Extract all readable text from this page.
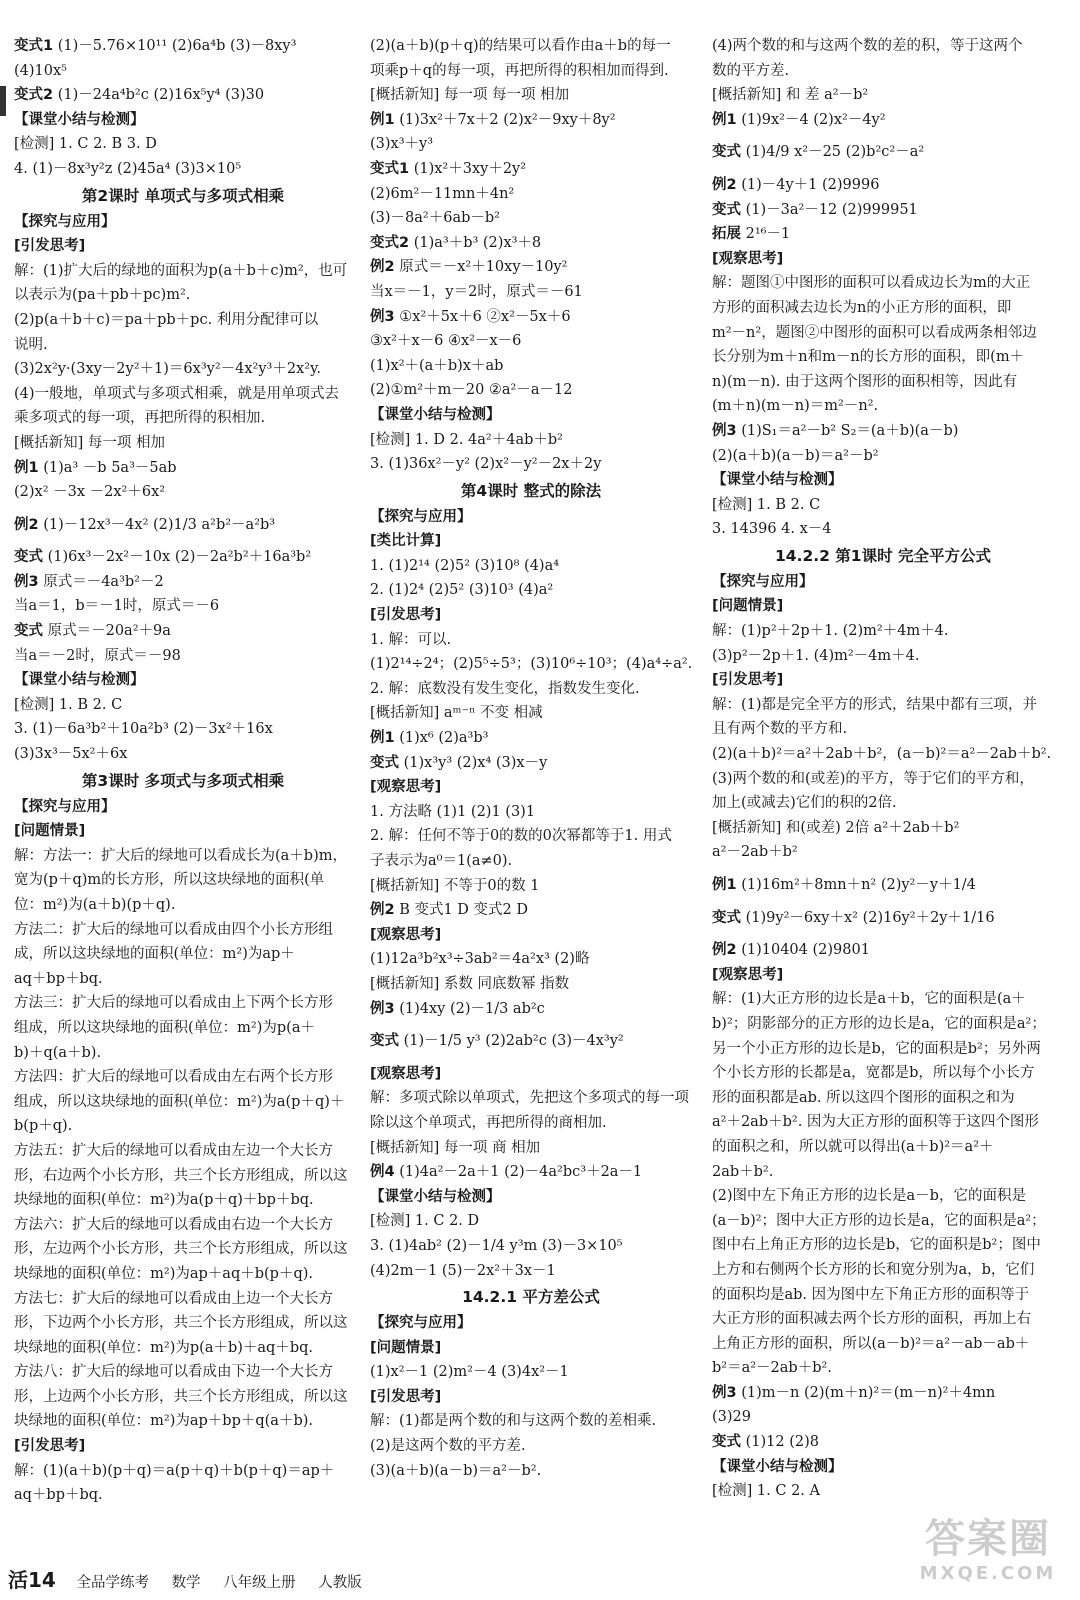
变式1 (1)－5.76×10¹¹ (2)6a⁴b (3)－8xy³
(4)10x⁵
变式2 (1)－24a⁴b²c (2)16x⁵y⁴ (3)30
【课堂小结与检测】
[检测] 1. C 2. B 3. D
4. (1)－8x³y²z (2)45a⁴ (3)3×10⁵
第2课时 单项式与多项式相乘
【探究与应用】
[引发思考]
解：(1)扩大后的绿地的面积为p(a＋b＋c)m²，也可
以表示为(pa＋pb＋pc)m².
(2)p(a＋b＋c)＝pa＋pb＋pc. 利用分配律可以
说明.
(3)2x²y·(3xy－2y²＋1)＝6x³y²－4x²y³＋2x²y.
(4)一般地，单项式与多项式相乘，就是用单项式去
乘多项式的每一项，再把所得的积相加.
[概括新知] 每一项 相加
例1 (1)a³ －b 5a³－5ab
(2)x² －3x －2x²＋6x²
例2 (1)－12x³－4x² (2)1/3 a²b²－a²b³
变式 (1)6x³－2x²－10x (2)－2a²b²＋16a³b²
例3 原式＝－4a³b²－2
当a＝1，b＝－1时，原式＝－6
变式 原式＝－20a²＋9a
当a＝－2时，原式＝－98
【课堂小结与检测】
[检测] 1. B 2. C
3. (1)－6a³b²＋10a²b³ (2)－3x²＋16x
(3)3x³－5x²＋6x
第3课时 多项式与多项式相乘
【探究与应用】
[问题情景]
解：方法一：扩大后的绿地可以看成长为(a＋b)m，
宽为(p＋q)m的长方形，所以这块绿地的面积(单
位：m²)为(a＋b)(p＋q).
方法二：扩大后的绿地可以看成由四个小长方形组
成，所以这块绿地的面积(单位：m²)为ap＋
aq＋bp＋bq.
方法三：扩大后的绿地可以看成由上下两个长方形
组成，所以这块绿地的面积(单位：m²)为p(a＋
b)＋q(a＋b).
方法四：扩大后的绿地可以看成由左右两个长方形
组成，所以这块绿地的面积(单位：m²)为a(p＋q)＋
b(p＋q).
方法五：扩大后的绿地可以看成由左边一个大长方
形，右边两个小长方形，共三个长方形组成，所以这
块绿地的面积(单位：m²)为a(p＋q)＋bp＋bq.
方法六：扩大后的绿地可以看成由右边一个大长方
形，左边两个小长方形，共三个长方形组成，所以这
块绿地的面积(单位：m²)为ap＋aq＋b(p＋q).
方法七：扩大后的绿地可以看成由上边一个大长方
形，下边两个小长方形，共三个长方形组成，所以这
块绿地的面积(单位：m²)为p(a＋b)＋aq＋bq.
方法八：扩大后的绿地可以看成由下边一个大长方
形，上边两个小长方形，共三个长方形组成，所以这
块绿地的面积(单位：m²)为ap＋bp＋q(a＋b).
[引发思考]
解：(1)(a＋b)(p＋q)＝a(p＋q)＋b(p＋q)＝ap＋
aq＋bp＋bq.
(2)(a＋b)(p＋q)的结果可以看作由a＋b的每一
项乘p＋q的每一项，再把所得的积相加而得到.
[概括新知] 每一项 每一项 相加
例1 (1)3x²＋7x＋2 (2)x²－9xy＋8y²
(3)x³＋y³
变式1 (1)x²＋3xy＋2y²
(2)6m²－11mn＋4n²
(3)－8a²＋6ab－b²
变式2 (1)a³＋b³ (2)x³＋8
例2 原式＝－x²＋10xy－10y²
当x＝－1，y＝2时，原式＝－61
例3 ①x²＋5x＋6 ②x²－5x＋6
③x²＋x－6 ④x²－x－6
(1)x²＋(a＋b)x＋ab
(2)①m²＋m－20 ②a²－a－12
【课堂小结与检测】
[检测] 1. D 2. 4a²＋4ab＋b²
3. (1)36x²－y² (2)x²－y²－2x＋2y
第4课时 整式的除法
【探究与应用】
[类比计算]
1. (1)2¹⁴ (2)5² (3)10⁸ (4)a⁴
2. (1)2⁴ (2)5² (3)10³ (4)a²
[引发思考]
1. 解：可以.
(1)2¹⁴÷2⁴；(2)5⁵÷5³；(3)10⁶÷10³；(4)a⁴÷a².
2. 解：底数没有发生变化，指数发生变化.
[概括新知] aᵐ⁻ⁿ 不变 相减
例1 (1)x⁶ (2)a³b³
变式 (1)x³y³ (2)x⁴ (3)x－y
[观察思考]
1. 方法略 (1)1 (2)1 (3)1
2. 解：任何不等于0的数的0次幂都等于1. 用式
子表示为a⁰＝1(a≠0).
[概括新知] 不等于0的数 1
例2 B 变式1 D 变式2 D
[观察思考]
(1)12a³b²x³÷3ab²＝4a²x³ (2)略
[概括新知] 系数 同底数幂 指数
例3 (1)4xy (2)－1/3 ab²c
变式 (1)－1/5 y³ (2)2ab²c (3)－4x³y²
[观察思考]
解：多项式除以单项式，先把这个多项式的每一项
除以这个单项式，再把所得的商相加.
[概括新知] 每一项 商 相加
例4 (1)4a²－2a＋1 (2)－4a²bc³＋2a－1
【课堂小结与检测】
[检测] 1. C 2. D
3. (1)4ab² (2)－1/4 y³m (3)－3×10⁵
(4)2m－1 (5)－2x²＋3x－1
14.2.1 平方差公式
【探究与应用】
[问题情景]
(1)x²－1 (2)m²－4 (3)4x²－1
[引发思考]
解：(1)都是两个数的和与这两个数的差相乘.
(2)是这两个数的平方差.
(3)(a＋b)(a－b)＝a²－b².
(4)两个数的和与这两个数的差的积，等于这两个
数的平方差.
[概括新知] 和 差 a²－b²
例1 (1)9x²－4 (2)x²－4y²
变式 (1)4/9 x²－25 (2)b²c²－a²
例2 (1)－4y＋1 (2)9996
变式 (1)－3a²－12 (2)999951
拓展 2¹⁶－1
[观察思考]
解：题图①中图形的面积可以看成边长为m的大正
方形的面积减去边长为n的小正方形的面积，即
m²－n²，题图②中图形的面积可以看成两条相邻边
长分别为m＋n和m－n的长方形的面积，即(m＋
n)(m－n). 由于这两个图形的面积相等，因此有
(m＋n)(m－n)＝m²－n².
例3 (1)S₁＝a²－b² S₂＝(a＋b)(a－b)
(2)(a＋b)(a－b)＝a²－b²
【课堂小结与检测】
[检测] 1. B 2. C
3. 14396 4. x－4
14.2.2 第1课时 完全平方公式
【探究与应用】
[问题情景]
解：(1)p²＋2p＋1. (2)m²＋4m＋4.
(3)p²－2p＋1. (4)m²－4m＋4.
[引发思考]
解：(1)都是完全平方的形式，结果中都有三项，并
且有两个数的平方和.
(2)(a＋b)²＝a²＋2ab＋b²，(a－b)²＝a²－2ab＋b².
(3)两个数的和(或差)的平方，等于它们的平方和，
加上(或减去)它们的积的2倍.
[概括新知] 和(或差) 2倍 a²＋2ab＋b²
a²－2ab＋b²
例1 (1)16m²＋8mn＋n² (2)y²－y＋1/4
变式 (1)9y²－6xy＋x² (2)16y²＋2y＋1/16
例2 (1)10404 (2)9801
[观察思考]
解：(1)大正方形的边长是a＋b，它的面积是(a＋
b)²；阴影部分的正方形的边长是a，它的面积是a²；
另一个小正方形的边长是b，它的面积是b²；另外两
个小长方形的长都是a，宽都是b，所以每个小长方
形的面积都是ab. 所以这四个图形的面积之和为
a²＋2ab＋b². 因为大正方形的面积等于这四个图形
的面积之和，所以就可以得出(a＋b)²＝a²＋
2ab＋b².
(2)图中左下角正方形的边长是a－b，它的面积是
(a－b)²；图中大正方形的边长是a，它的面积是a²；
图中右上角正方形的边长是b，它的面积是b²；图中
上方和右侧两个长方形的长和宽分别为a，b，它们
的面积均是ab. 因为图中左下角正方形的面积等于
大正方形的面积减去两个长方形的面积，再加上右
上角正方形的面积，所以(a－b)²＝a²－ab－ab＋
b²＝a²－2ab＋b².
例3 (1)m－n (2)(m＋n)²＝(m－n)²＋4mn
(3)29
变式 (1)12 (2)8
【课堂小结与检测】
[检测] 1. C 2. A
活14 全品学练考 数学 八年级上册 人教版
答案圈
MXQE.COM
